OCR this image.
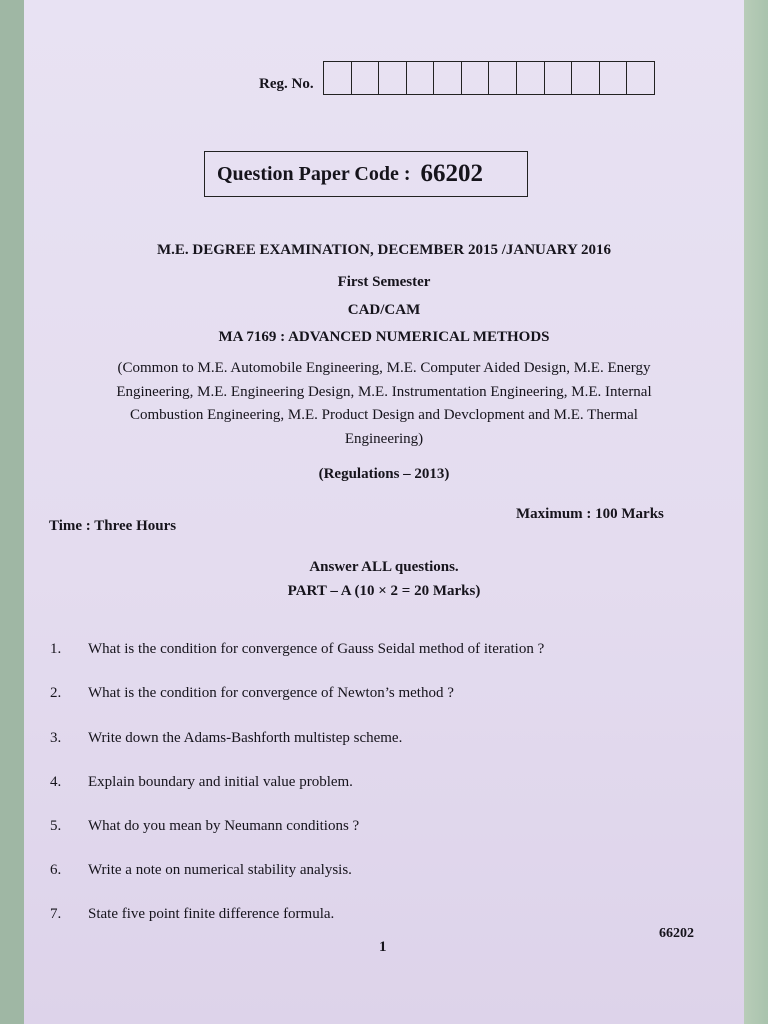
Reg. No.
Question Paper Code : 66202
M.E. DEGREE EXAMINATION, DECEMBER 2015 /JANUARY 2016
First Semester
CAD/CAM
MA 7169 : ADVANCED NUMERICAL METHODS
(Common to M.E. Automobile Engineering, M.E. Computer Aided Design, M.E. Energy
Engineering, M.E. Engineering Design, M.E. Instrumentation Engineering, M.E. Internal
Combustion Engineering, M.E. Product Design and Devclopment and M.E. Thermal
Engineering)
(Regulations – 2013)
Time : Three Hours
Maximum : 100 Marks
Answer ALL questions.
PART – A (10 × 2 = 20 Marks)
1.	What is the condition for convergence of Gauss Seidal method of iteration ?
2.	What is the condition for convergence of Newton’s method ?
3.	Write down the Adams-Bashforth multistep scheme.
4.	Explain boundary and initial value problem.
5.	What do you mean by Neumann conditions ?
6.	Write a note on numerical stability analysis.
7.	State five point finite difference formula.
66202
1
